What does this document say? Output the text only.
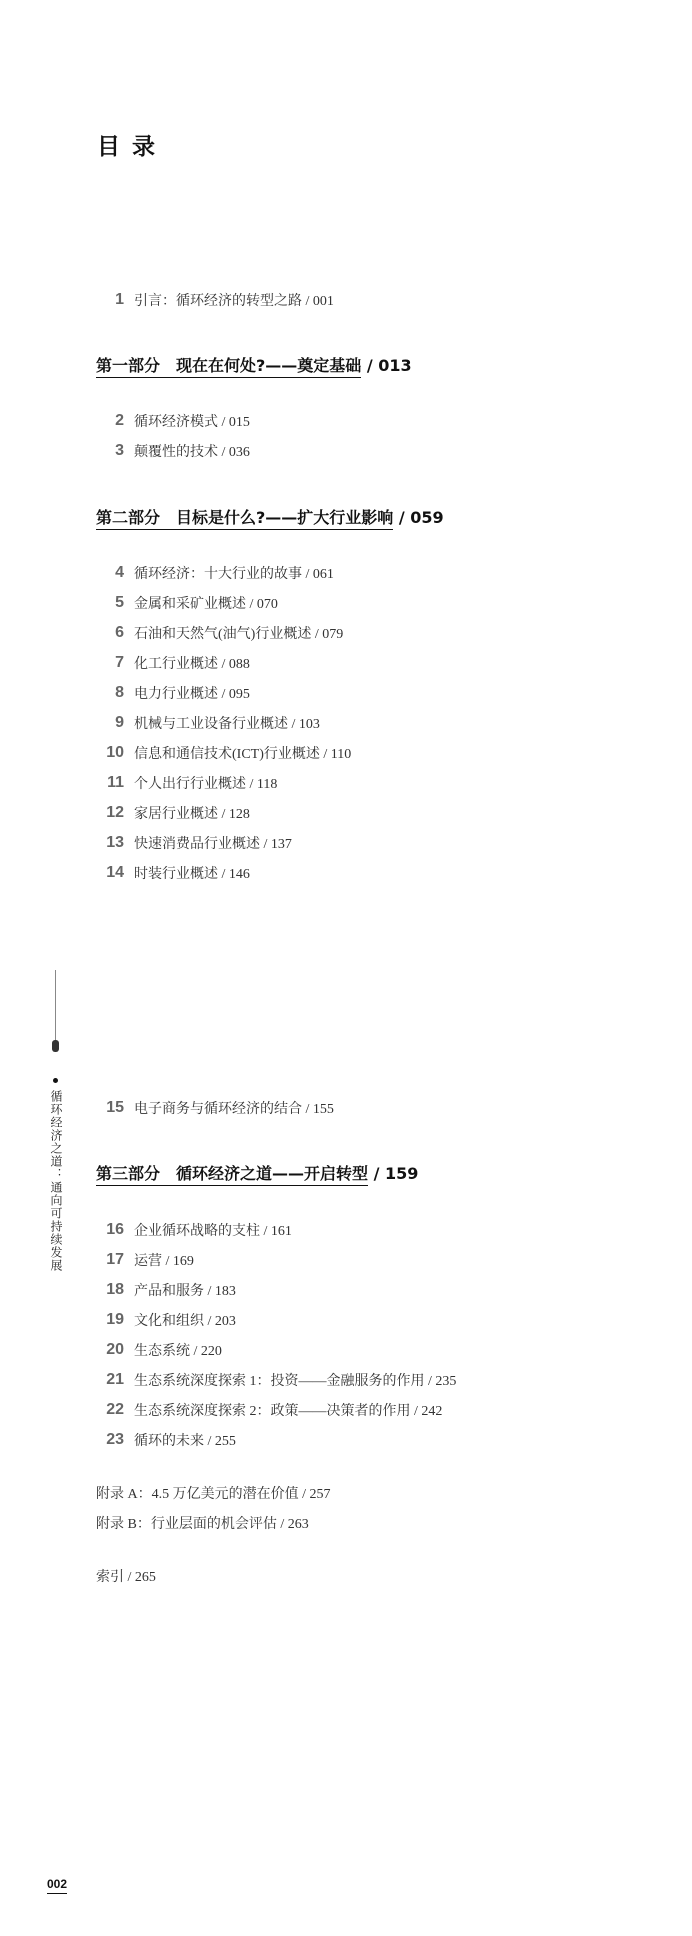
目 录
1 引言：循环经济的转型之路 / 001
第一部分　现在在何处?——奠定基础 / 013
2 循环经济模式 / 015
3 颠覆性的技术 / 036
第二部分　目标是什么?——扩大行业影响 / 059
4 循环经济：十大行业的故事 / 061
5 金属和采矿业概述 / 070
6 石油和天然气(油气)行业概述 / 079
7 化工行业概述 / 088
8 电力行业概述 / 095
9 机械与工业设备行业概述 / 103
10 信息和通信技术(ICT)行业概述 / 110
11 个人出行行业概述 / 118
12 家居行业概述 / 128
13 快速消费品行业概述 / 137
14 时装行业概述 / 146
15 电子商务与循环经济的结合 / 155
第三部分　循环经济之道——开启转型 / 159
16 企业循环战略的支柱 / 161
17 运营 / 169
18 产品和服务 / 183
19 文化和组织 / 203
20 生态系统 / 220
21 生态系统深度探索 1：投资——金融服务的作用 / 235
22 生态系统深度探索 2：政策——决策者的作用 / 242
23 循环的未来 / 255
附录 A：4.5 万亿美元的潜在价值 / 257
附录 B：行业层面的机会评估 / 263
索引 / 265
循环经济之道：通向可持续发展
002
